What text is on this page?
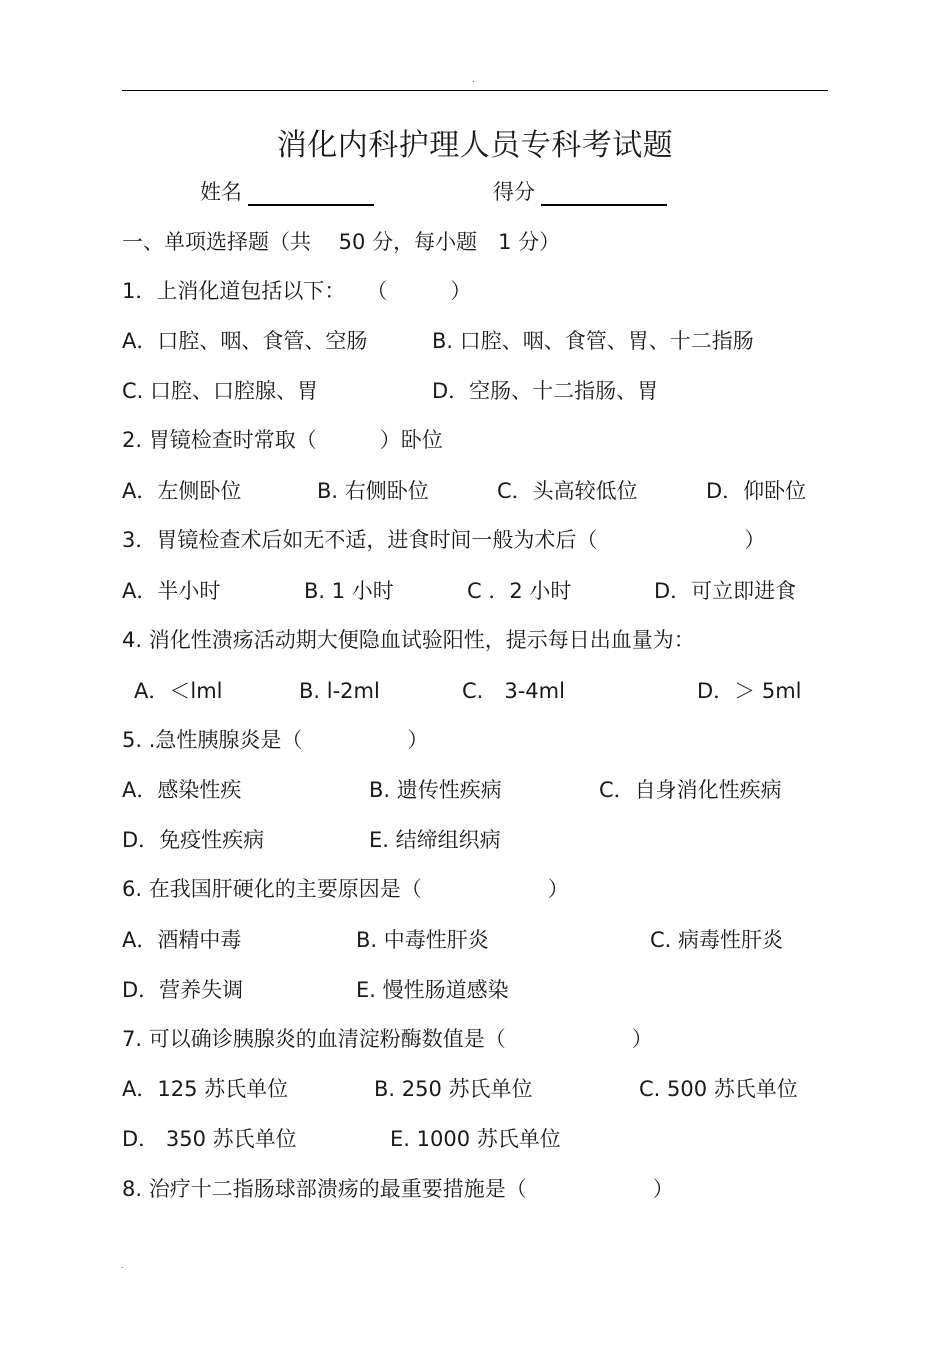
.
消化内科护理人员专科考试题
姓名	得分
一、单项选择题（共　 50 分，每小题　1 分）
1．上消化道包括以下：　　（　　　）
A．口腔、咽、食管、空肠	B. 口腔、咽、食管、胃、十二指肠
C. 口腔、口腔腺、胃	D．空肠、十二指肠、胃
2. 胃镜检查时常取（　　　）卧位
A．左侧卧位	B. 右侧卧位	C．头高较低位	D．仰卧位
3．胃镜检查术后如无不适，进食时间一般为术后（　　　　　　　）
A．半小时	B. 1 小时	C ．2 小时	D．可立即进食
4. 消化性溃疡活动期大便隐血试验阳性，提示每日出血量为：
A．＜lml	B. l-2ml	C.　3-4ml	D．＞ 5ml
5. .急性胰腺炎是（　　　　　）
A．感染性疾	B. 遗传性疾病	C．自身消化性疾病
D．免疫性疾病	E. 结缔组织病
6. 在我国肝硬化的主要原因是（　　　　　　）
A．酒精中毒	B. 中毒性肝炎	C. 病毒性肝炎
D．营养失调	E. 慢性肠道感染
7. 可以确诊胰腺炎的血清淀粉酶数值是（　　　　　　）
A．125 苏氏单位	B. 250 苏氏单位	C. 500 苏氏单位
D． 350 苏氏单位	E. 1000 苏氏单位
8. 治疗十二指肠球部溃疡的最重要措施是（　　　　　　）
.
